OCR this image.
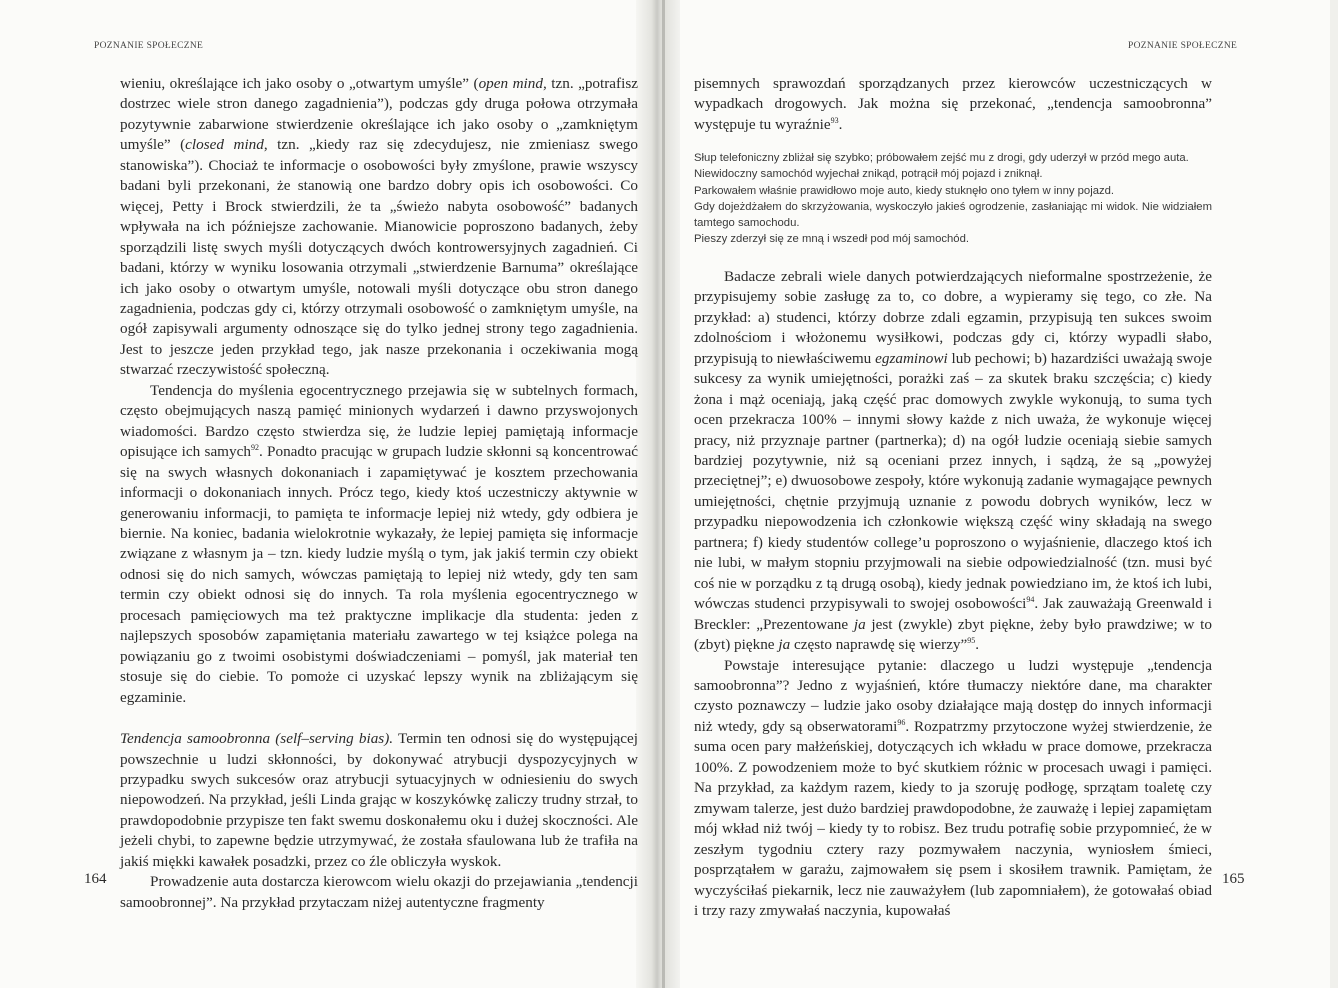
POZNANIE SPOŁECZNE	POZNANIE SPOŁECZNE

wieniu, określające ich jako osoby o „otwartym umyśle” (open mind, tzn. „potrafisz dostrzec wiele stron danego zagadnienia”), podczas gdy druga połowa otrzymała pozytywnie zabarwione stwierdzenie określające ich jako osoby o „zamkniętym umyśle” (closed mind, tzn. „kiedy raz się zdecydujesz, nie zmieniasz swego stanowiska”). Chociaż te informacje o osobowości były zmyślone, prawie wszyscy badani byli przekonani, że stanowią one bardzo dobry opis ich osobowości. Co więcej, Petty i Brock stwierdzili, że ta „świeżo nabyta osobowość” badanych wpływała na ich późniejsze zachowanie. Mianowicie poproszono badanych, żeby sporządzili listę swych myśli dotyczących dwóch kontrowersyjnych zagadnień. Ci badani, którzy w wyniku losowania otrzymali „stwierdzenie Barnuma” określające ich jako osoby o otwartym umyśle, notowali myśli dotyczące obu stron danego zagadnienia, podczas gdy ci, którzy otrzymali osobowość o zamkniętym umyśle, na ogół zapisywali argumenty odnoszące się do tylko jednej strony tego zagadnienia. Jest to jeszcze jeden przykład tego, jak nasze przekonania i oczekiwania mogą stwarzać rzeczywistość społeczną.

Tendencja do myślenia egocentrycznego przejawia się w subtelnych formach, często obejmujących naszą pamięć minionych wydarzeń i dawno przyswojonych wiadomości. Bardzo często stwierdza się, że ludzie lepiej pamiętają informacje opisujące ich samych$^{92}$. Ponadto pracując w grupach ludzie skłonni są koncentrować się na swych własnych dokonaniach i zapamiętywać je kosztem przechowania informacji o dokonaniach innych. Prócz tego, kiedy ktoś uczestniczy aktywnie w generowaniu informacji, to pamięta te informacje lepiej niż wtedy, gdy odbiera je biernie. Na koniec, badania wielokrotnie wykazały, że lepiej pamięta się informacje związane z własnym ja – tzn. kiedy ludzie myślą o tym, jak jakiś termin czy obiekt odnosi się do nich samych, wówczas pamiętają to lepiej niż wtedy, gdy ten sam termin czy obiekt odnosi się do innych. Ta rola myślenia egocentrycznego w procesach pamięciowych ma też praktyczne implikacje dla studenta: jeden z najlepszych sposobów zapamiętania materiału zawartego w tej książce polega na powiązaniu go z twoimi osobistymi doświadczeniami – pomyśl, jak materiał ten stosuje się do ciebie. To pomoże ci uzyskać lepszy wynik na zbliżającym się egzaminie.

Tendencja samoobronna (self–serving bias). Termin ten odnosi się do występującej powszechnie u ludzi skłonności, by dokonywać atrybucji dyspozycyjnych w przypadku swych sukcesów oraz atrybucji sytuacyjnych w odniesieniu do swych niepowodzeń. Na przykład, jeśli Linda grając w koszykówkę zaliczy trudny strzał, to prawdopodobnie przypisze ten fakt swemu doskonałemu oku i dużej skoczności. Ale jeżeli chybi, to zapewne będzie utrzymywać, że została sfaulowana lub że trafiła na jakiś miękki kawałek posadzki, przez co źle obliczyła wyskok.

Prowadzenie auta dostarcza kierowcom wielu okazji do przejawiania „tendencji samoobronnej”. Na przykład przytaczam niżej autentyczne fragmenty

pisemnych sprawozdań sporządzanych przez kierowców uczestniczących w wypadkach drogowych. Jak można się przekonać, „tendencja samoobronna” występuje tu wyraźnie$^{93}$.

Słup telefoniczny zbliżał się szybko; próbowałem zejść mu z drogi, gdy uderzył w przód mego auta.
Niewidoczny samochód wyjechał znikąd, potrącił mój pojazd i zniknął.
Parkowałem właśnie prawidłowo moje auto, kiedy stuknęło ono tyłem w inny pojazd.
Gdy dojeżdżałem do skrzyżowania, wyskoczyło jakieś ogrodzenie, zasłaniając mi widok. Nie widziałem tamtego samochodu.
Pieszy zderzył się ze mną i wszedł pod mój samochód.

Badacze zebrali wiele danych potwierdzających nieformalne spostrzeżenie, że przypisujemy sobie zasługę za to, co dobre, a wypieramy się tego, co złe. Na przykład: a) studenci, którzy dobrze zdali egzamin, przypisują ten sukces swoim zdolnościom i włożonemu wysiłkowi, podczas gdy ci, którzy wypadli słabo, przypisują to niewłaściwemu egzaminowi lub pechowi; b) hazardziści uważają swoje sukcesy za wynik umiejętności, porażki zaś – za skutek braku szczęścia; c) kiedy żona i mąż oceniają, jaką część prac domowych zwykle wykonują, to suma tych ocen przekracza 100% – innymi słowy każde z nich uważa, że wykonuje więcej pracy, niż przyznaje partner (partnerka); d) na ogół ludzie oceniają siebie samych bardziej pozytywnie, niż są oceniani przez innych, i sądzą, że są „powyżej przeciętnej”; e) dwuosobowe zespoły, które wykonują zadanie wymagające pewnych umiejętności, chętnie przyjmują uznanie z powodu dobrych wyników, lecz w przypadku niepowodzenia ich członkowie większą część winy składają na swego partnera; f) kiedy studentów college’u poproszono o wyjaśnienie, dlaczego ktoś ich nie lubi, w małym stopniu przyjmowali na siebie odpowiedzialność (tzn. musi być coś nie w porządku z tą drugą osobą), kiedy jednak powiedziano im, że ktoś ich lubi, wówczas studenci przypisywali to swojej osobowości$^{94}$. Jak zauważają Greenwald i Breckler: „Prezentowane ja jest (zwykle) zbyt piękne, żeby było prawdziwe; w to (zbyt) piękne ja często naprawdę się wierzy”$^{95}$.

Powstaje interesujące pytanie: dlaczego u ludzi występuje „tendencja samoobronna”? Jedno z wyjaśnień, które tłumaczy niektóre dane, ma charakter czysto poznawczy – ludzie jako osoby działające mają dostęp do innych informacji niż wtedy, gdy są obserwatorami$^{96}$. Rozpatrzmy przytoczone wyżej stwierdzenie, że suma ocen pary małżeńskiej, dotyczących ich wkładu w prace domowe, przekracza 100%. Z powodzeniem może to być skutkiem różnic w procesach uwagi i pamięci. Na przykład, za każdym razem, kiedy to ja szoruję podłogę, sprzątam toaletę czy zmywam talerze, jest dużo bardziej prawdopodobne, że zauważę i lepiej zapamiętam mój wkład niż twój – kiedy ty to robisz. Bez trudu potrafię sobie przypomnieć, że w zeszłym tygodniu cztery razy pozmywałem naczynia, wyniosłem śmieci, posprzątałem w garażu, zajmowałem się psem i skosiłem trawnik. Pamiętam, że wyczyściłaś piekarnik, lecz nie zauważyłem (lub zapomniałem), że gotowałaś obiad i trzy razy zmywałaś naczynia, kupowałaś

164	165
